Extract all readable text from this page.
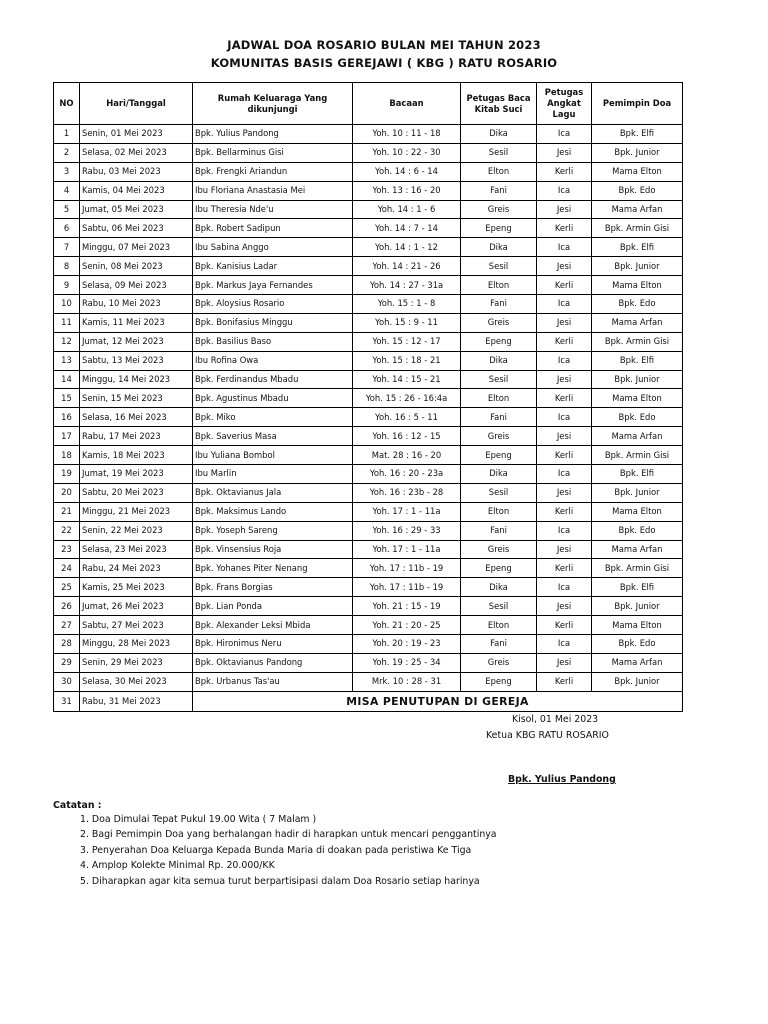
JADWAL DOA ROSARIO BULAN MEI TAHUN 2023
KOMUNITAS BASIS GEREJAWI ( KBG ) RATU ROSARIO
NO	Hari/Tanggal	Rumah Keluaraga Yang dikunjungi	Bacaan	Petugas Baca Kitab Suci	Petugas Angkat Lagu	Pemimpin Doa
1	Senin, 01 Mei 2023	Bpk. Yulius Pandong	Yoh. 10 : 11 - 18	Dika	Ica	Bpk. Elfi
2	Selasa, 02 Mei 2023	Bpk. Bellarminus Gisi	Yoh. 10 : 22 - 30	Sesil	Jesi	Bpk. Junior
3	Rabu, 03 Mei 2023	Bpk. Frengki Ariandun	Yoh. 14 : 6 - 14	Elton	Kerli	Mama Elton
4	Kamis, 04 Mei 2023	Ibu Floriana Anastasia Mei	Yoh. 13 : 16 - 20	Fani	Ica	Bpk. Edo
5	Jumat, 05 Mei 2023	Ibu Theresia Nde'u	Yoh. 14 : 1 - 6	Greis	Jesi	Mama Arfan
6	Sabtu, 06 Mei 2023	Bpk. Robert Sadipun	Yoh. 14 : 7 - 14	Epeng	Kerli	Bpk. Armin Gisi
7	Minggu, 07 Mei 2023	Ibu Sabina Anggo	Yoh. 14 : 1 - 12	Dika	Ica	Bpk. Elfi
8	Senin, 08 Mei 2023	Bpk. Kanisius Ladar	Yoh. 14 : 21 - 26	Sesil	Jesi	Bpk. Junior
9	Selasa, 09 Mei 2023	Bpk. Markus Jaya Fernandes	Yoh. 14 : 27 - 31a	Elton	Kerli	Mama Elton
10	Rabu, 10 Mei 2023	Bpk. Aloysius Rosario	Yoh. 15 : 1 - 8	Fani	Ica	Bpk. Edo
11	Kamis, 11 Mei 2023	Bpk. Bonifasius Minggu	Yoh. 15 : 9 - 11	Greis	Jesi	Mama Arfan
12	Jumat, 12 Mei 2023	Bpk. Basilius Baso	Yoh. 15 : 12 - 17	Epeng	Kerli	Bpk. Armin Gisi
13	Sabtu, 13 Mei 2023	Ibu Rofina Owa	Yoh. 15 : 18 - 21	Dika	Ica	Bpk. Elfi
14	Minggu, 14 Mei 2023	Bpk. Ferdinandus Mbadu	Yoh. 14 : 15 - 21	Sesil	Jesi	Bpk. Junior
15	Senin, 15 Mei 2023	Bpk. Agustinus Mbadu	Yoh. 15 : 26 - 16:4a	Elton	Kerli	Mama Elton
16	Selasa, 16 Mei 2023	Bpk. Miko	Yoh. 16 : 5 - 11	Fani	Ica	Bpk. Edo
17	Rabu, 17 Mei 2023	Bpk. Saverius Masa	Yoh. 16 : 12 - 15	Greis	Jesi	Mama Arfan
18	Kamis, 18 Mei 2023	Ibu Yuliana Bombol	Mat. 28 : 16 - 20	Epeng	Kerli	Bpk. Armin Gisi
19	Jumat, 19 Mei 2023	Ibu Marlin	Yoh. 16 : 20 - 23a	Dika	Ica	Bpk. Elfi
20	Sabtu, 20 Mei 2023	Bpk. Oktavianus Jala	Yoh. 16 : 23b - 28	Sesil	Jesi	Bpk. Junior
21	Minggu, 21 Mei 2023	Bpk. Maksimus Lando	Yoh. 17 : 1 - 11a	Elton	Kerli	Mama Elton
22	Senin, 22 Mei 2023	Bpk. Yoseph Sareng	Yoh. 16 : 29 - 33	Fani	Ica	Bpk. Edo
23	Selasa, 23 Mei 2023	Bpk. Vinsensius Roja	Yoh. 17 : 1 - 11a	Greis	Jesi	Mama Arfan
24	Rabu, 24 Mei 2023	Bpk. Yohanes Piter Nenang	Yoh. 17 : 11b - 19	Epeng	Kerli	Bpk. Armin Gisi
25	Kamis, 25 Mei 2023	Bpk. Frans Borgias	Yoh. 17 : 11b - 19	Dika	Ica	Bpk. Elfi
26	Jumat, 26 Mei 2023	Bpk. Lian Ponda	Yoh. 21 : 15 - 19	Sesil	Jesi	Bpk. Junior
27	Sabtu, 27 Mei 2023	Bpk. Alexander Leksi Mbida	Yoh. 21 : 20 - 25	Elton	Kerli	Mama Elton
28	Minggu, 28 Mei 2023	Bpk. Hironimus Neru	Yoh. 20 : 19 - 23	Fani	Ica	Bpk. Edo
29	Senin, 29 Mei 2023	Bpk. Oktavianus Pandong	Yoh. 19 : 25 - 34	Greis	Jesi	Mama Arfan
30	Selasa, 30 Mei 2023	Bpk. Urbanus Tas'au	Mrk. 10 : 28 - 31	Epeng	Kerli	Bpk. Junior
31	Rabu, 31 Mei 2023	MISA PENUTUPAN DI GEREJA				
Kisol, 01 Mei 2023
Ketua KBG RATU ROSARIO
Bpk. Yulius Pandong
Catatan :
1. Doa Dimulai Tepat Pukul 19.00 Wita ( 7 Malam )
2. Bagi Pemimpin Doa yang berhalangan hadir di harapkan untuk mencari penggantinya
3. Penyerahan Doa Keluarga Kepada Bunda Maria di doakan pada peristiwa Ke Tiga
4. Amplop Kolekte Minimal Rp. 20.000/KK
5. Diharapkan agar kita semua turut berpartisipasi dalam Doa Rosario setiap harinya
